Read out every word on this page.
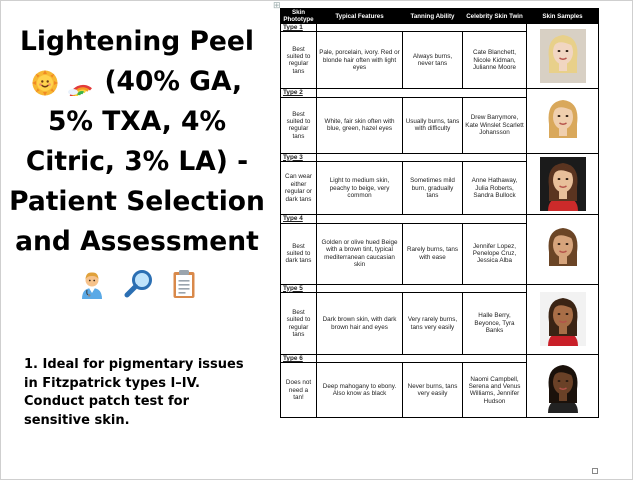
Lightening Peel
(40% GA,
5% TXA, 4%
Citric, 3% LA) -
Patient Selection
and Assessment
1. Ideal for pigmentary issues in Fitzpatrick types I–IV. Conduct patch test for sensitive skin.
⊞
Skin Phototype	Typical Features	Tanning Ability	Celebrity Skin Twin	Skin Samples
Type 1		

Best suited to regular tans	Pale, porcelain, ivory. Red or blonde hair often with light eyes	Always burns, never tans	Cate Blanchett, Nicole Kidman, Julianne Moore	
Type 2		

Best suited to regular tans	White, fair skin often with blue, green, hazel eyes	Usually burns, tans with difficulty	Drew Barrymore, Kate Winslet Scarlett Johansson	
Type 3		

Can wear either regular or dark tans	Light to medium skin, peachy to beige, very common	Sometimes mild burn, gradually tans	Anne Hathaway, Julia Roberts, Sandra Bullock	
Type 4		

Best suited to dark tans	Golden or olive hued Beige with a brown tint, typical mediterranean caucasian skin	Rarely burns, tans with ease	Jennifer Lopez, Penelope Cruz, Jessica Alba	
Type 5		

Best suited to regular tans	Dark brown skin, with dark brown hair and eyes	Very rarely burns, tans very easily	Halle Berry, Beyonce, Tyra Banks	
Type 6		

Does not need a tan!	Deep mahogany to ebony. Also know as black	Never burns, tans very easily	Naomi Campbell, Serena and Venus Williams, Jennifer Hudson	
